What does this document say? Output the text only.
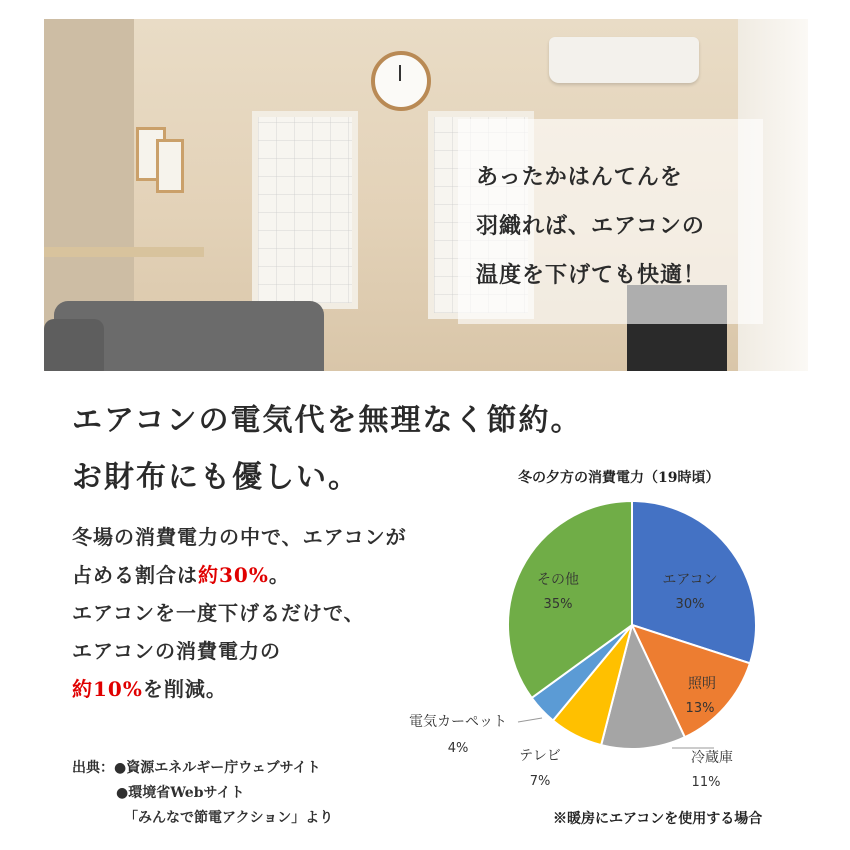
あったかはんてんを
羽織れば、エアコンの
温度を下げても快適！
エアコンの電気代を無理なく節約。
お財布にも優しい。
冬場の消費電力の中で、エアコンが
占める割合は約30%。
エアコンを一度下げるだけで、
エアコンの消費電力の
約10%を削減。
出典：●資源エネルギー庁ウェブサイト
●環境省Webサイト
「みんなで節電アクション」より
冬の夕方の消費電力（19時頃）
エアコン
30%
照明
13%
冷蔵庫
11%
テレビ
7%
電気カーペット
4%
その他
35%
※暖房にエアコンを使用する場合
